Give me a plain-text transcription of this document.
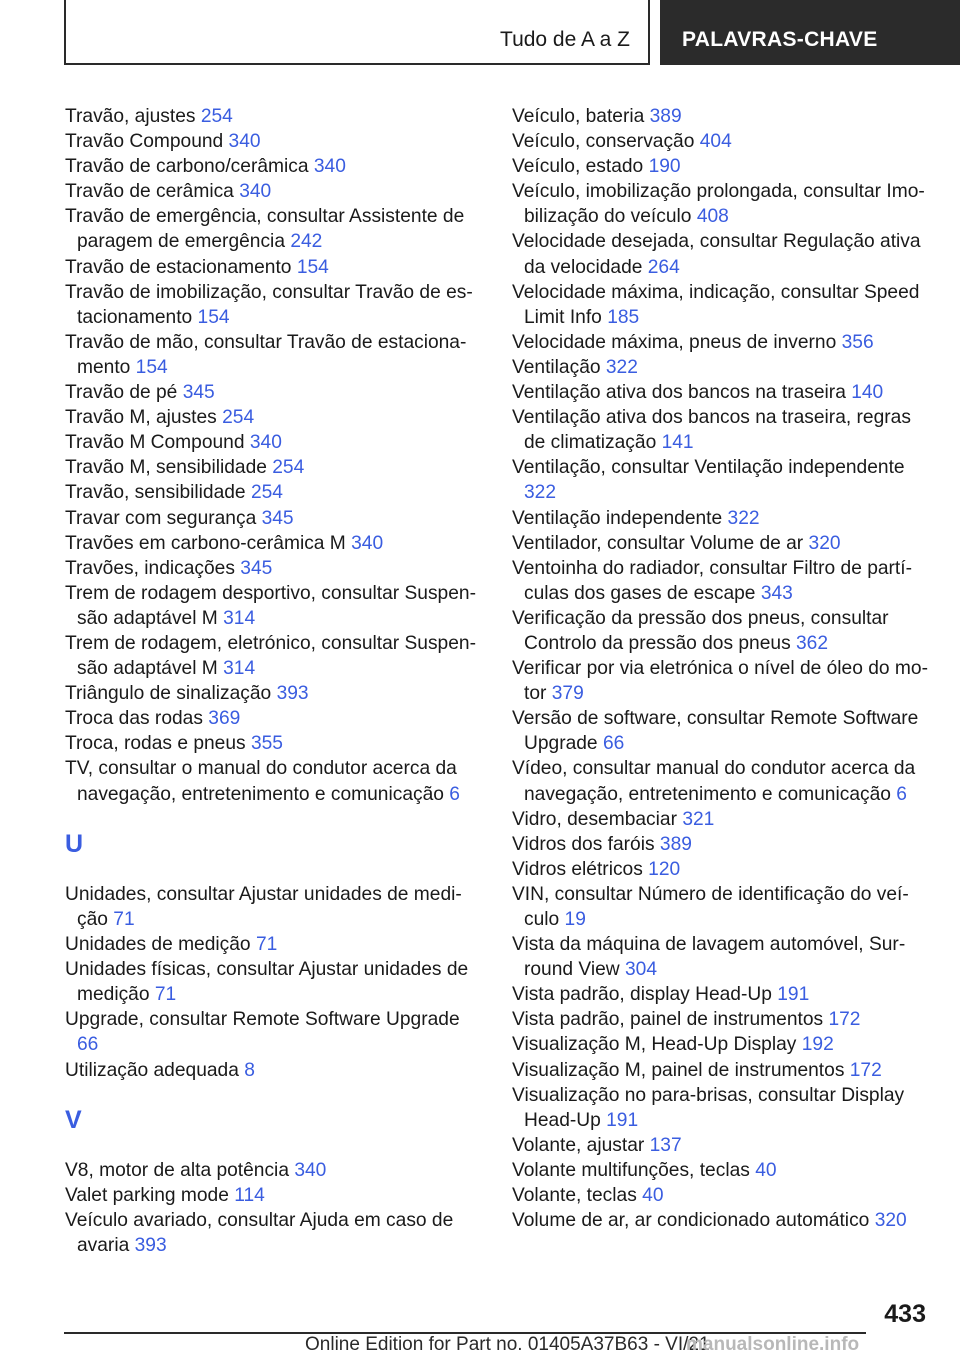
Tudo de A a Z PALAVRAS-CHAVE
Travão, ajustes 254
Travão Compound 340
Travão de carbono/cerâmica 340
Travão de cerâmica 340
Travão de emergência, consultar Assistente de paragem de emergência 242
Travão de estacionamento 154
Travão de imobilização, consultar Travão de estacionamento 154
Travão de mão, consultar Travão de estacionamento 154
Travão de pé 345
Travão M, ajustes 254
Travão M Compound 340
Travão M, sensibilidade 254
Travão, sensibilidade 254
Travar com segurança 345
Travões em carbono-cerâmica M 340
Travões, indicações 345
Trem de rodagem desportivo, consultar Suspensão adaptável M 314
Trem de rodagem, eletrónico, consultar Suspensão adaptável M 314
Triângulo de sinalização 393
Troca das rodas 369
Troca, rodas e pneus 355
TV, consultar o manual do condutor acerca da navegação, entretenimento e comunicação 6
U
Unidades, consultar Ajustar unidades de medição 71
Unidades de medição 71
Unidades físicas, consultar Ajustar unidades de medição 71
Upgrade, consultar Remote Software Upgrade 66
Utilização adequada 8
V
V8, motor de alta potência 340
Valet parking mode 114
Veículo avariado, consultar Ajuda em caso de avaria 393
Veículo, bateria 389
Veículo, conservação 404
Veículo, estado 190
Veículo, imobilização prolongada, consultar Imobilização do veículo 408
Velocidade desejada, consultar Regulação ativa da velocidade 264
Velocidade máxima, indicação, consultar Speed Limit Info 185
Velocidade máxima, pneus de inverno 356
Ventilação 322
Ventilação ativa dos bancos na traseira 140
Ventilação ativa dos bancos na traseira, regras de climatização 141
Ventilação, consultar Ventilação independente 322
Ventilação independente 322
Ventilador, consultar Volume de ar 320
Ventoinha do radiador, consultar Filtro de partículas dos gases de escape 343
Verificação da pressão dos pneus, consultar Controlo da pressão dos pneus 362
Verificar por via eletrónica o nível de óleo do motor 379
Versão de software, consultar Remote Software Upgrade 66
Vídeo, consultar manual do condutor acerca da navegação, entretenimento e comunicação 6
Vidro, desembaciar 321
Vidros dos faróis 389
Vidros elétricos 120
VIN, consultar Número de identificação do veículo 19
Vista da máquina de lavagem automóvel, Surround View 304
Vista padrão, display Head-Up 191
Vista padrão, painel de instrumentos 172
Visualização M, Head-Up Display 192
Visualização M, painel de instrumentos 172
Visualização no para-brisas, consultar Display Head-Up 191
Volante, ajustar 137
Volante multifunções, teclas 40
Volante, teclas 40
Volume de ar, ar condicionado automático 320
433
Online Edition for Part no. 01405A37B63 - VI/21
manualsonline.info
